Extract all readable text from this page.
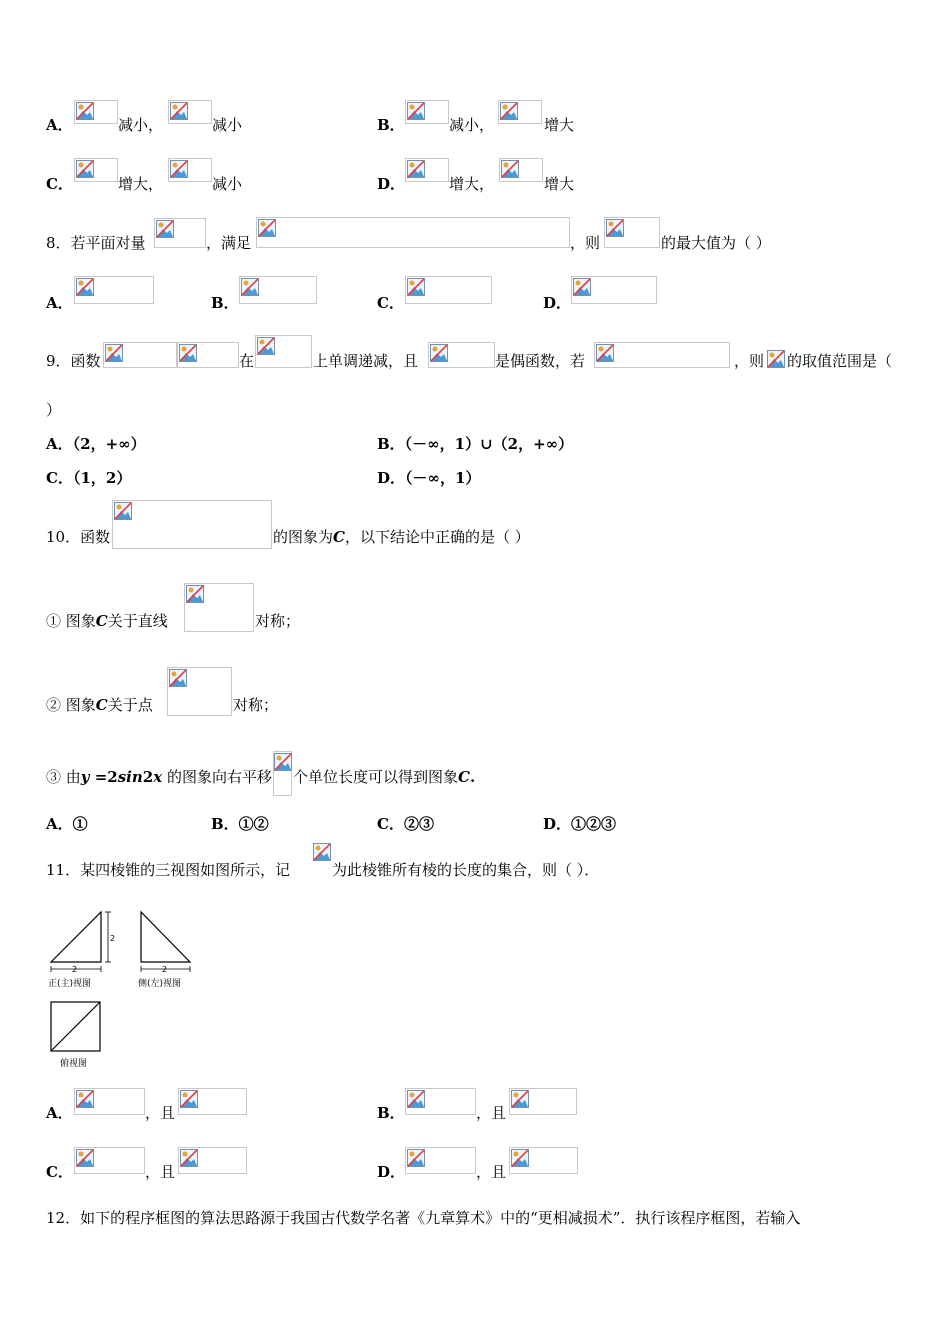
A．	减小，	减小	B．	减小，	增大
C．	增大，	减小	D．	增大，	增大
8．若平面对量	，满足	，则	的最大值为（ ）
A．	B．	C．	D．
9．函数	在	上单调递减，且	是偶函数，若	，则 的取值范围是（
）
A．（2，+∞）	B．（－∞，1）∪（2，+∞）
C．（1，2）	D．（－∞，1）
10．函数	的图象为C，以下结论中正确的是（ ）
① 图象C关于直线	对称；
② 图象C关于点	对称；
③ 由y =2sin2x 的图象向右平移 个单位长度可以得到图象C.
A．①	B．①②	C．②③	D．①②③
11．某四棱锥的三视图如图所示，记	为此棱锥所有棱的长度的集合，则（ ）．
2
2
正(主)视图
2
侧(左)视图
俯视图
A．	，且	B．	，且
C．	，且	D．	，且
12．如下的程序框图的算法思路源于我国古代数学名著《九章算术》中的“更相减损术”．执行该程序框图，若输入
